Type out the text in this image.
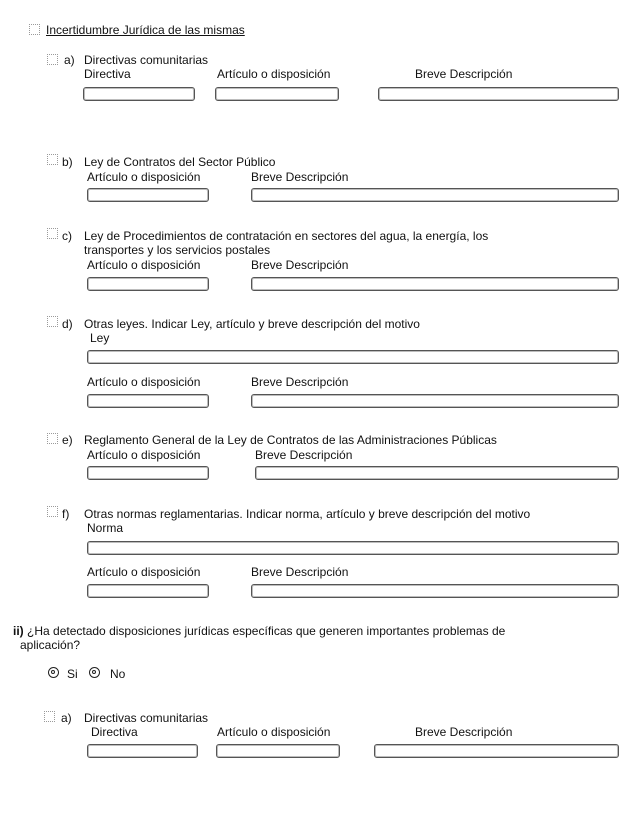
Incertidumbre Jurídica de las mismas
a) Directivas comunitarias
Directiva	Artículo o disposición	Breve Descripción
b) Ley de Contratos del Sector Público
Artículo o disposición	Breve Descripción
c) Ley de Procedimientos de contratación en sectores del agua, la energía, los
transportes y los servicios postales
Artículo o disposición	Breve Descripción
d) Otras leyes. Indicar Ley, artículo y breve descripción del motivo
Ley
Artículo o disposición	Breve Descripción
e) Reglamento General de la Ley de Contratos de las Administraciones Públicas
Artículo o disposición	Breve Descripción
f) Otras normas reglamentarias. Indicar norma, artículo y breve descripción del motivo
Norma
Artículo o disposición	Breve Descripción
ii) ¿Ha detectado disposiciones jurídicas específicas que generen importantes problemas de
aplicación?
Si	No
a) Directivas comunitarias
Directiva	Artículo o disposición	Breve Descripción
